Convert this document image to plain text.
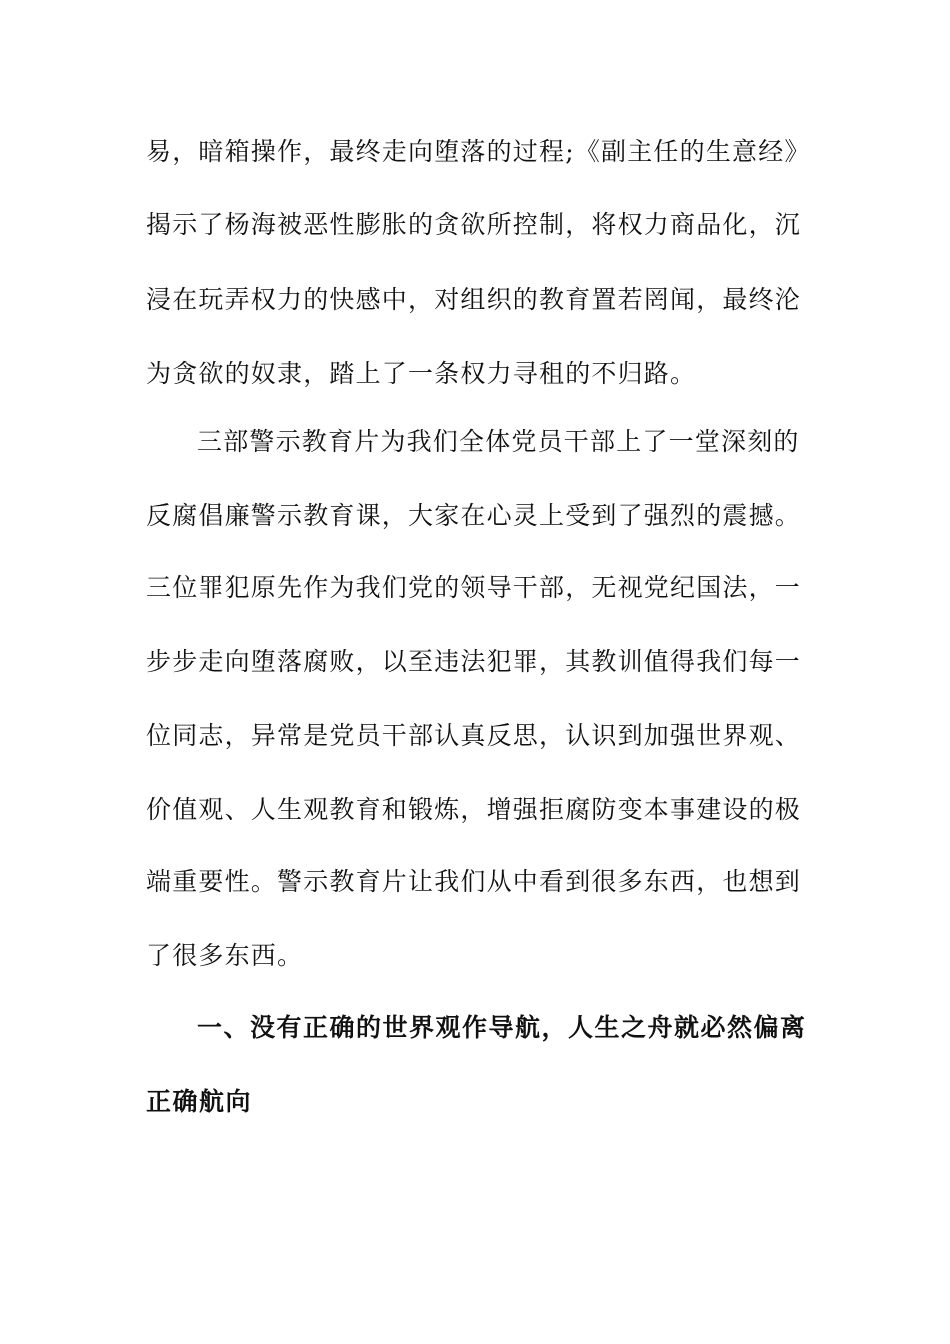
易，暗箱操作，最终走向堕落的过程;《副主任的生意经》
揭示了杨海被恶性膨胀的贪欲所控制，将权力商品化，沉
浸在玩弄权力的快感中，对组织的教育置若罔闻，最终沦
为贪欲的奴隶，踏上了一条权力寻租的不归路。
三部警示教育片为我们全体党员干部上了一堂深刻的
反腐倡廉警示教育课，大家在心灵上受到了强烈的震撼。
三位罪犯原先作为我们党的领导干部，无视党纪国法，一
步步走向堕落腐败，以至违法犯罪，其教训值得我们每一
位同志，异常是党员干部认真反思，认识到加强世界观、
价值观、人生观教育和锻炼，增强拒腐防变本事建设的极
端重要性。警示教育片让我们从中看到很多东西，也想到
了很多东西。
一、没有正确的世界观作导航，人生之舟就必然偏离
正确航向
